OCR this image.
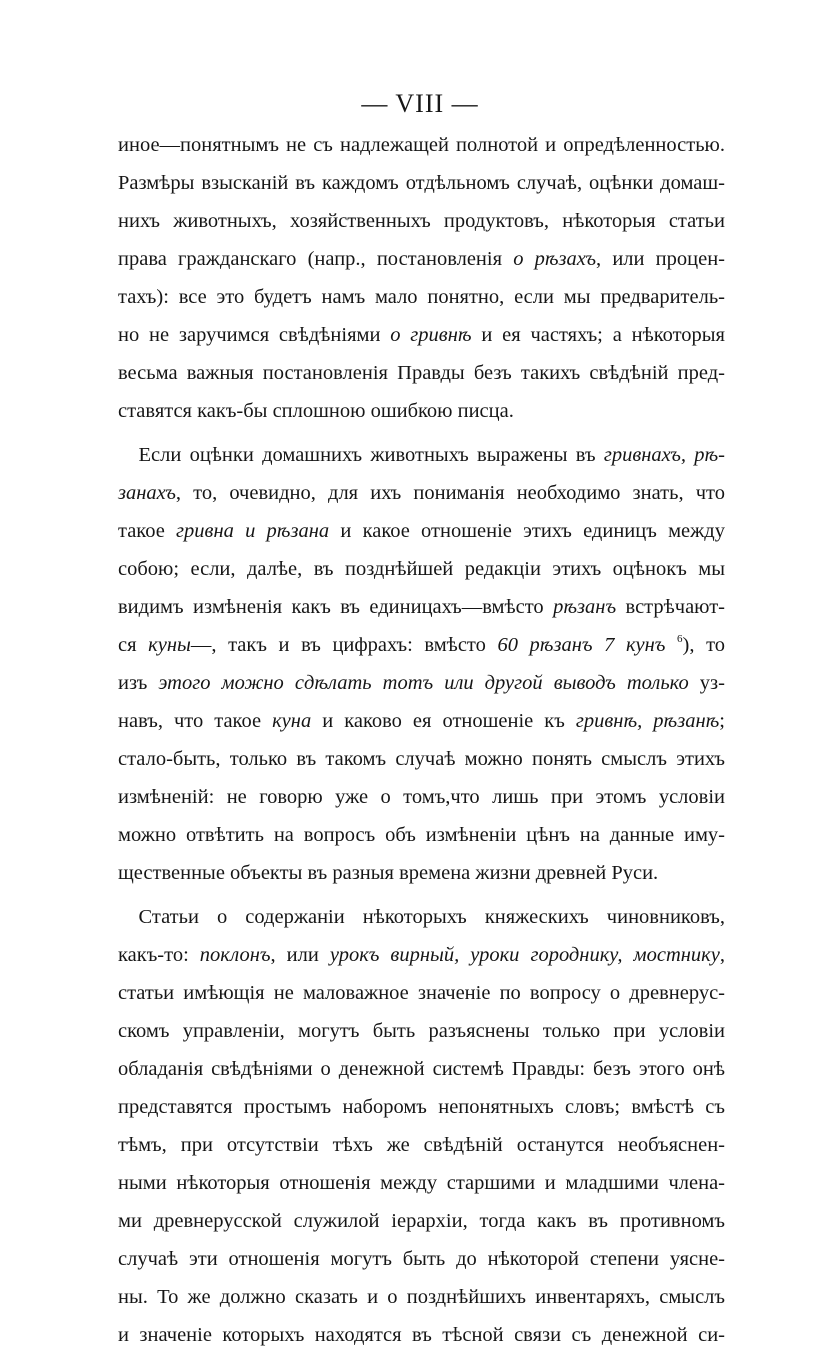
— VIII —
иное—понятнымъ не съ надлежащей полнотой и опредѣленностью.
Размѣры взысканій въ каждомъ отдѣльномъ случаѣ, оцѣнки домаш-
нихъ животныхъ, хозяйственныхъ продуктовъ, нѣкоторыя статьи
права гражданскаго (напр., постановленія о рѣзахъ, или процен-
тахъ): все это будетъ намъ мало понятно, если мы предваритель-
но не заручимся свѣдѣніями о гривнѣ и ея частяхъ; а нѣкоторыя
весьма важныя постановленія Правды безъ такихъ свѣдѣній пред-
ставятся какъ-бы сплошною ошибкою писца.
 Если оцѣнки домашнихъ животныхъ выражены въ гривнахъ, рѣ-
занахъ, то, очевидно, для ихъ пониманія необходимо знать, что
такое гривна и рѣзана и какое отношеніе этихъ единицъ между
собою; если, далѣе, въ позднѣйшей редакціи этихъ оцѣнокъ мы
видимъ измѣненія какъ въ единицахъ—вмѣсто рѣзанъ встрѣчают-
ся куны—, такъ и въ цифрахъ: вмѣсто 60 рѣзанъ 7 кунъ $^6$), то
изъ этого можно сдѣлать тотъ или другой выводъ только уз-
навъ, что такое куна и каково ея отношеніе къ гривнѣ, рѣзанѣ;
стало-быть, только въ такомъ случаѣ можно понять смыслъ этихъ
измѣненій: не говорю уже о томъ,что лишь при этомъ условіи
можно отвѣтить на вопросъ объ измѣненіи цѣнъ на данные иму-
щественные объекты въ разныя времена жизни древней Руси.
 Статьи о содержаніи нѣкоторыхъ княжескихъ чиновниковъ,
какъ-то: поклонъ, или урокъ вирный, уроки городнику, мостнику,
статьи имѣющія не маловажное значеніе по вопросу о древнерус-
скомъ управленіи, могутъ быть разъяснены только при условіи
обладанія свѣдѣніями о денежной системѣ Правды: безъ этого онѣ
представятся простымъ наборомъ непонятныхъ словъ; вмѣстѣ съ
тѣмъ, при отсутствіи тѣхъ же свѣдѣній останутся необъяснен-
ными нѣкоторыя отношенія между старшими и младшими члена-
ми древнерусской служилой іерархіи, тогда какъ въ противномъ
случаѣ эти отношенія могутъ быть до нѣкоторой степени уясне-
ны. То же должно сказать и о позднѣйшихъ инвентаряхъ, смыслъ
и значеніе которыхъ находятся въ тѣсной связи съ денежной си-
